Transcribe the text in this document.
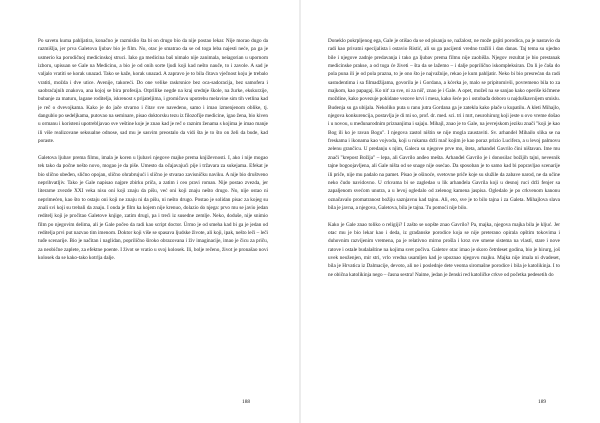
Po savetu kuma pahljatira, konačno je razmislio šta bi on drugo bio da nije postao lekar. Nije morao dugo da razmišlja, jer prva Galetova ljubav bio je film. No, otac je smatrao da se od toga leba najesti neće, pa ga je usmerio ka porodičnoj medicinskoj struci. Iako ga medicina baš nimalo nije zanimala, neiagorian u upornom izboru, upisuan se Gale na Medicinu, a bio je od onih sorte ljudi koji kad nešto nauče, to i zavole. A sad je valjalo vratiti se korak unazad. Tako se kaže, korak unazad. A zapravo je to bila čitava vječnost koju je trebalo vratiti, možda i dve utice. Avenije, takoreći. Do one velike raskrsnice bez oca-sadoracija, bez samofera i saobraćajnih znakova, ana kojoj se bira profesija. Otprilike negde na kraj srednje škole, na žurke, ekskurzije, bubanje za maturu, lagane roditelja, iskrenost s prijateljima, i gromičavu upotrebu melavine sim tih vetlina kad je reč o dvevojkama. Kako je do jače stvarno i čitav sve navedeno, samo i imao izmenjenom oblike, tj. dangubio po sedeljkama, putovao na seminare, pisao doktorsku tezu iz filozofije medicine, igao žena, bio kiven u ormanu i koristeni upotrebljavao sve veštine koje je znao kad je reč o raznim ženama s kojima je imao manje ili više realizovane seksualne odnose, sad mu je sasvim preostalo da vidi šta je to što on želi da bude, kad poraste.

Galetova ljubav prema filmu, imala je koren u ljubavi njegove majke prema književnosti. I, ako i nije mogao tek tako da počne nešto novo, mogao je da piše. Umesto da očajavajući pije i tržavara za sukejama. Efekat je bio slično ubeđen, slično opojan, slično ohrabrujući i slično je stvarao zavisničku naviku. A nije bio društveno neprihvatljiv. Tako je Gale napisao najpre zbirku priča, a zatim i ceo pravi roman. Nije postao zvezda, jer literarne zvezde XXI veka nisu oni koji znaju da pišu, već oni koji znaju nešto drugo. No, nije ostao ni neprimećen, kao što to ostaju oni koji ne znaju ni da pišu, ni nešto drugo. Postao je solidan pisac za kojeg su znali svi koji su trebali da znaju. I onda je film ka kojem nije krenuo, dolazio do njega: prvo mu se javio jedan reditelj koji je pročitao Galetove knjige, zatim drugi, pa i treći iz susedne zemlje. Neko, doduše, nije snimio film po njegovim delima, ali je Gale počeo da radi kao script doctor. Ürmo je od smeha kad bi ga je jedan od reditelja prvi put nazvao tim imenom. Doktor koji više se spasava ljudske živote, ali koji, ipak, nešto leči – leči tuđe scenarije. Bio je načitan i naglidan, poprilično široko obrazovana i živ imaginacije, imao je čicu za priču, za neobične zaplete, za efektne poente. I život se vratio u svoj kolosek. Ili, bolje rečeno, život je pronašao novi kolosek da se kako-tako kotrlja dalje.

188

Doneklo pokrpljenog ega, Gale je otišao da se od pisanja se, nažalost, ne može gajiti porodica, pa je nastavio da radi kao privatni specijalista i ostavio Ristić, ali su ga pacijenti vredno tražili i dan danas. Taj tema su ujedno bile i njegove zadnje predavanja i tako ga ljubav prema filmu nije zaobišla. Njegov rezultat je bio prestanak medicinske prakse, a od toga će živeti – šta da se lažemo – i dalje poprilično iskompleksiran. Da li je čaša do pola puna ili je od pola prazna, to je ono što je najvažnije, rekao je kum pahljatir. Neko bi bio presrećan da radi sastudentima i sa filmadžijama, govorila je i Gordana, a kćerka je, malo se pripitomivši, povremeno bila to za majkom, kao papagaj. Ko nit' za sve, ni za niš', znao je i Gale. A opet, možeš na se sanjao kako operiše kičmene moždine, kako povezuje pokidane vezove krvi i mesa, kako šeće po i ostobađa doboro u najduškavnijem smislu. Budenja su ga ubijala. Nekoliko puta u ranu jutra Gordana ga je zatekla kako plače u kupatilu. A kleti Mihajlo, njegova konkurencija, postavlja je di mi so, prof. dr. med. sci. tri i mrt, neurohirurg koji jeste u ovo vreme došao i u novou, u međunarodnim priznanjima i sajaju. Mihajl, znao je to Gale, na jevrejskom jeziku znači "koji je kao Bog ili ko je ravan Bogu". I njegova zastol ništin se nije mogla zaustaviti. Sv. arhanđel Mihailo slika se na freskama i ikonama kao vojvoda, koji u rukama drži mač kojim je kao poraz prizio Lucifera, a u levoj palmovu zelenu grančicu. U predanju s njim, Galeca su njegove prve mo, šteta, arhanđel Gavrilo čini ništavan. Ime mu znači "krepost Božija" – lepa, ali Gavrilo anđeo mešta. Arhanđel Gavrilo je i donosilac božijih tajni, nevesnik tajne bogoojavljena, ali Gale ništa od se snage nije osećao. Da sposoban je to samo kad bi popravljao scenarije ili priče, nije mu padalo na pamet. Pisao je ošinoće, svetovne priče koje su služile da zabave narod, ne da učine neko čudo navidovno. U crkvama bi se zagledao u lik arhanđela Gavrila koji u desnoj ruci drži fenjer sa zapaljenom svećom unutra, a u levoj ogledalo od zelenog kamena jaspisa. Ogledalo je po crkvenom kanonu označavalo promatranost božiju saznjavnu kad tajnu. Ali, eto, sve je to bilo tajna i za Galeta. Mihajlova slava bila je javna, a njegova, Galetova, bila je tajna. Tu pomoći nije bilo.

Kako je Gale znao toliko o religiji? I zašto se uopšte znao Gavrilo? Pa, majka, njegova majka bila je kljuć. Jer otac mu je bio lekar kao i deda, iz građanske porodice koja se nije preterano opirala opštim tokovima i duhovnim razvijenim vremena, pa je relativno mirno prošla i kroz sve smene sistema na vlasti, stare i nove ratove i ostale budalaštine na kojima svet počiva. Galetov otac imao je skoro četrdeset godina, bio je hirurg, još uvek neoženjen, mir stri, vrlo vredna usamljen kad je upoznao njegovu majku. Majka nije imala ni dvadeset, bila je Hrvatica iz Dalmacije, devoto, ali ne i poslednje dete veoma siromašne porodice i bila je katolikinja. I to ne obična katolikinja nego – časna sestra! Naime, jedan je ženski red katoličke crkve od početka pedesetih do

189
